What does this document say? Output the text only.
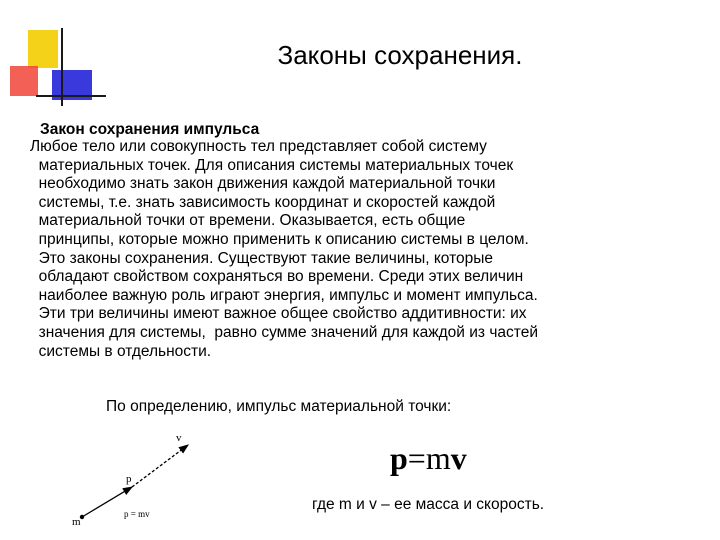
Законы сохранения.
Закон сохранения импульса
Любое тело или совокупность тел представляет собой систему
материальных точек. Для описания системы материальных точек
необходимо знать закон движения каждой материальной точки
системы, т.е. знать зависимость координат и скоростей каждой
материальной точки от времени. Оказывается, есть общие
принципы, которые можно применить к описанию системы в целом.
Это законы сохранения. Существуют такие величины, которые
обладают свойством сохраняться во времени. Среди этих величин
наиболее важную роль играют энергия, импульс и момент импульса.
Эти три величины имеют важное общее свойство аддитивности: их
значения для системы,  равно сумме значений для каждой из частей
системы в отдельности.
По определению, импульс материальной точки:
v
p
m
p = mv
p=mv
где m и v – ее масса и скорость.
